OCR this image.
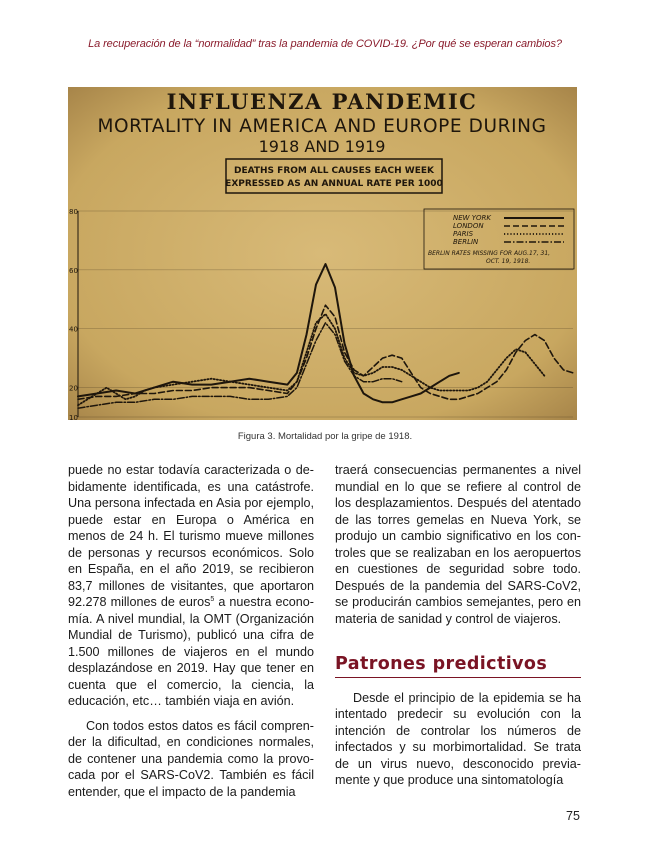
La recuperación de la “normalidad” tras la pandemia de COVID-19. ¿Por qué se esperan cambios?
INFLUENZA PANDEMIC
MORTALITY IN AMERICA AND EUROPE DURING
1918 AND 1919
DEATHS FROM ALL CAUSES EACH WEEK
EXPRESSED AS AN ANNUAL RATE PER 1000
10
20
40
60
80
NEW YORK
LONDON
PARIS
BERLIN
BERLIN RATES MISSING FOR AUG.17, 31,
OCT. 19, 1918.
Figura 3. Mortalidad por la gripe de 1918.

puede no estar todavía caracterizada o debidamente identificada, es una catástrofe. Una persona infectada en Asia por ejemplo, puede estar en Europa o América en menos de 24 h. El turismo mueve millones de personas y recursos económicos. Solo en España, en el año 2019, se recibieron 83,7 millones de visitantes, que aportaron 92.278 millones de euros$^5$ a nuestra economía. A nivel mundial, la OMT (Organización Mundial de Turismo), publicó una cifra de 1.500 millones de viajeros en el mundo desplazándose en 2019. Hay que tener en cuenta que el comercio, la ciencia, la educación, etc… también viaja en avión.

Con todos estos datos es fácil comprender la dificultad, en condiciones normales, de contener una pandemia como la provocada por el SARS-CoV2. También es fácil entender, que el impacto de la pandemia

traerá consecuencias permanentes a nivel mundial en lo que se refiere al control de los desplazamientos. Después del atentado de las torres gemelas en Nueva York, se produjo un cambio significativo en los controles que se realizaban en los aeropuertos en cuestiones de seguridad sobre todo. Después de la pandemia del SARS-CoV2, se producirán cambios semejantes, pero en materia de sanidad y control de viajeros.

Patrones predictivos

Desde el principio de la epidemia se ha intentado predecir su evolución con la intención de controlar los números de infectados y su morbimortalidad. Se trata de un virus nuevo, desconocido previamente y que produce una sintomatología

75
